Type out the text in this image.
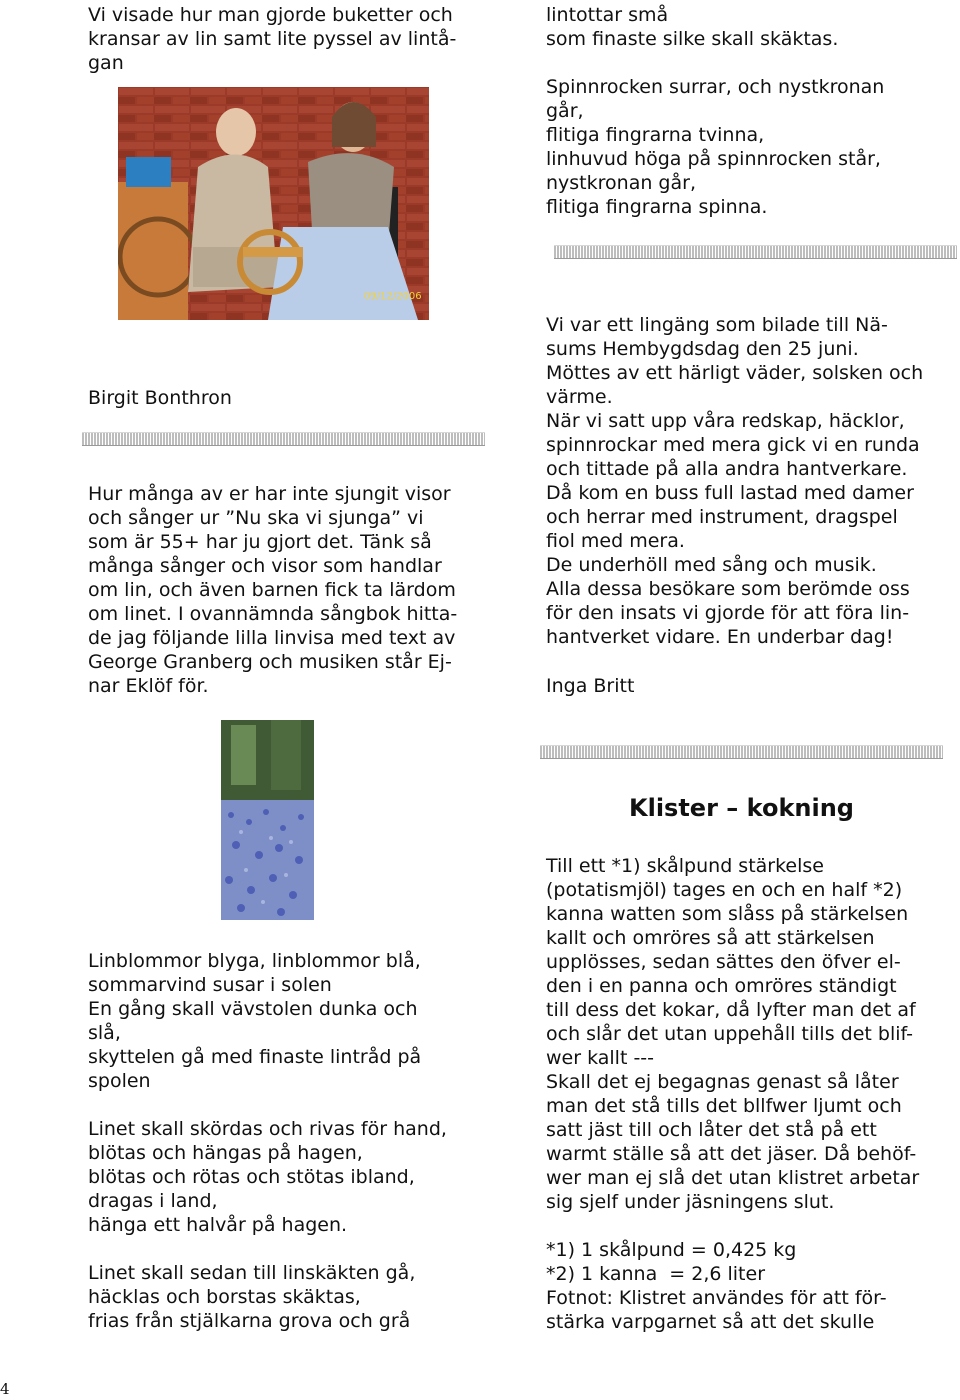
Vi visade hur man gjorde buketter och
kransar av lin samt lite pyssel av lintå-
gan
09/12/2006
Birgit Bonthron
Hur många av er har inte sjungit visor
och sånger ur ”Nu ska vi sjunga” vi
som är 55+ har ju gjort det. Tänk så
många sånger och visor som handlar
om lin, och även barnen fick ta lärdom
om linet. I ovannämnda sångbok hitta-
de jag följande lilla linvisa med text av
George Granberg och musiken står Ej-
nar Eklöf för.
Linblommor blyga, linblommor blå,
sommarvind susar i solen
En gång skall vävstolen dunka och
slå,
skyttelen gå med finaste lintråd på
spolen

Linet skall skördas och rivas för hand,
blötas och hängas på hagen,
blötas och rötas och stötas ibland,
dragas i land,
hänga ett halvår på hagen.

Linet skall sedan till linskäkten gå,
häcklas och borstas skäktas,
frias från stjälkarna grova och grå
lintottar små
som finaste silke skall skäktas.

Spinnrocken surrar, och nystkronan
går,
flitiga fingrarna tvinna,
linhuvud höga på spinnrocken står,
nystkronan går,
flitiga fingrarna spinna.
Vi var ett lingäng som bilade till Nä-
sums Hembygdsdag den 25 juni.
Möttes av ett härligt väder, solsken och
värme.
När vi satt upp våra redskap, häcklor,
spinnrockar med mera gick vi en runda
och tittade på alla andra hantverkare.
Då kom en buss full lastad med damer
och herrar med instrument, dragspel
fiol med mera.
De underhöll med sång och musik.
Alla dessa besökare som berömde oss
för den insats vi gjorde för att föra lin-
hantverket vidare. En underbar dag!
Inga Britt
Klister – kokning
Till ett *1) skålpund stärkelse
(potatismjöl) tages en och en half *2)
kanna watten som slåss på stärkelsen
kallt och omröres så att stärkelsen
upplösses, sedan sättes den öfver el-
den i en panna och omröres ständigt
till dess det kokar, då lyfter man det af
och slår det utan uppehåll tills det blif-
wer kallt ---
Skall det ej begagnas genast så låter
man det stå tills det bllfwer ljumt och
satt jäst till och låter det stå på ett
warmt ställe så att det jäser. Då behöf-
wer man ej slå det utan klistret arbetar
sig sjelf under jäsningens slut.
*1) 1 skålpund = 0,425 kg
*2) 1 kanna  = 2,6 liter
Fotnot: Klistret användes för att för-
stärka varpgarnet så att det skulle
4
